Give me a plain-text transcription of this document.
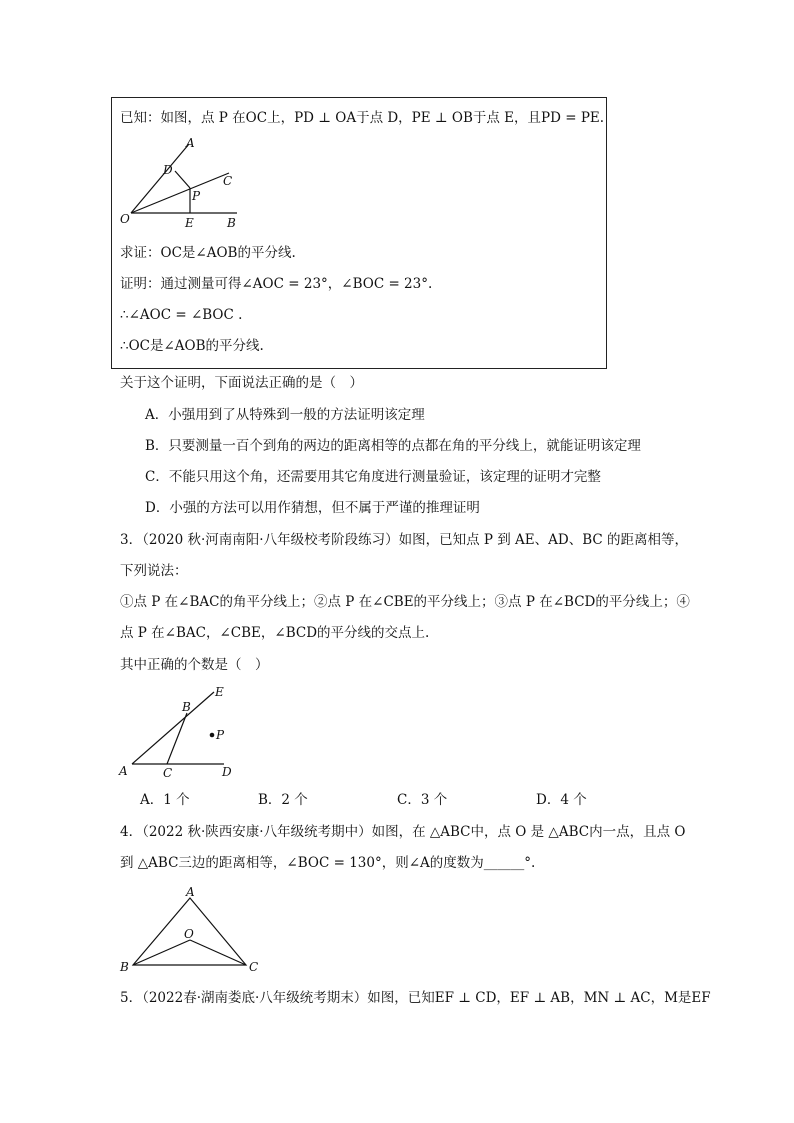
已知：如图，点 P 在OC上，PD ⊥ OA于点 D，PE ⊥ OB于点 E，且PD = PE.
A
D
C
P
O	E	B
求证：OC是∠AOB的平分线.
证明：通过测量可得∠AOC = 23°，∠BOC = 23°.
∴∠AOC = ∠BOC .
∴OC是∠AOB的平分线.
关于这个证明，下面说法正确的是（　）
A．小强用到了从特殊到一般的方法证明该定理
B．只要测量一百个到角的两边的距离相等的点都在角的平分线上，就能证明该定理
C．不能只用这个角，还需要用其它角度进行测量验证，该定理的证明才完整
D．小强的方法可以用作猜想，但不属于严谨的推理证明
3．（2020 秋·河南南阳·八年级校考阶段练习）如图，已知点 P 到 AE、AD、BC 的距离相等，
下列说法：
①点 P 在∠BAC的角平分线上；②点 P 在∠CBE的平分线上；③点 P 在∠BCD的平分线上；④
点 P 在∠BAC，∠CBE，∠BCD的平分线的交点上.
其中正确的个数是（　）
E
B
P
A	C	D
A．1 个	B．2 个	C．3 个	D．4 个
4．（2022 秋·陕西安康·八年级统考期中）如图，在 △ABC中，点 O 是 △ABC内一点，且点 O
到 △ABC三边的距离相等，∠BOC = 130°，则∠A的度数为______°.
A
O
B	C
5．（2022春·湖南娄底·八年级统考期末）如图，已知EF ⊥ CD，EF ⊥ AB，MN ⊥ AC，M是EF
